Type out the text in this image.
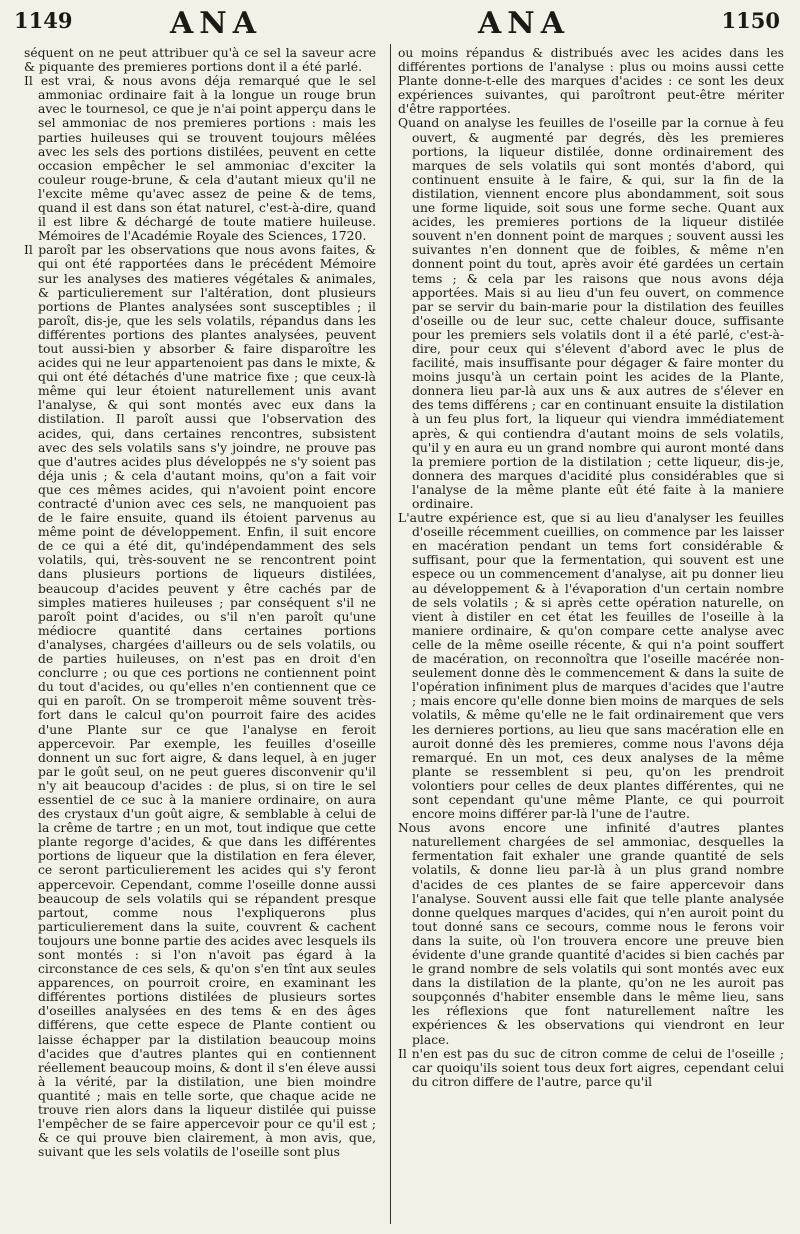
1149	ANA	ANA	1150

séquent on ne peut attribuer qu'à ce sel la saveur acre & piquante des premieres portions dont il a été parlé.

Il est vrai, & nous avons déja remarqué que le sel ammoniac ordinaire fait à la longue un rouge brun avec le tournesol, ce que je n'ai point apperçu dans le sel ammoniac de nos premieres portions : mais les parties huileuses qui se trouvent toujours mêlées avec les sels des portions distilées, peuvent en cette occasion empêcher le sel ammoniac d'exciter la couleur rouge-brune, & cela d'autant mieux qu'il ne l'excite même qu'avec assez de peine & de tems, quand il est dans son état naturel, c'est-à-dire, quand il est libre & déchargé de toute matiere huileuse. Mémoires de l'Académie Royale des Sciences, 1720.

Il paroît par les observations que nous avons faites, & qui ont été rapportées dans le précédent Mémoire sur les analyses des matieres végétales & animales, & particulierement sur l'altération, dont plusieurs portions de Plantes analysées sont susceptibles ; il paroît, dis-je, que les sels volatils, répandus dans les différentes portions des plantes analysées, peuvent tout aussi-bien y absorber & faire disparoître les acides qui ne leur appartenoient pas dans le mixte, & qui ont été détachés d'une matrice fixe ; que ceux-là même qui leur étoient naturellement unis avant l'analyse, & qui sont montés avec eux dans la distilation. Il paroît aussi que l'observation des acides, qui, dans certaines rencontres, subsistent avec des sels volatils sans s'y joindre, ne prouve pas que d'autres acides plus développés ne s'y soient pas déja unis ; & cela d'autant moins, qu'on a fait voir que ces mêmes acides, qui n'avoient point encore contracté d'union avec ces sels, ne manquoient pas de le faire ensuite, quand ils étoient parvenus au même point de développement. Enfin, il suit encore de ce qui a été dit, qu'indépendamment des sels volatils, qui, très-souvent ne se rencontrent point dans plusieurs portions de liqueurs distilées, beaucoup d'acides peuvent y être cachés par de simples matieres huileuses ; par conséquent s'il ne paroît point d'acides, ou s'il n'en paroît qu'une médiocre quantité dans certaines portions d'analyses, chargées d'ailleurs ou de sels volatils, ou de parties huileuses, on n'est pas en droit d'en conclurre ; ou que ces portions ne contiennent point du tout d'acides, ou qu'elles n'en contiennent que ce qui en paroît. On se tromperoit même souvent très-fort dans le calcul qu'on pourroit faire des acides d'une Plante sur ce que l'analyse en feroit appercevoir. Par exemple, les feuilles d'oseille donnent un suc fort aigre, & dans lequel, à en juger par le goût seul, on ne peut gueres disconvenir qu'il n'y ait beaucoup d'acides : de plus, si on tire le sel essentiel de ce suc à la maniere ordinaire, on aura des crystaux d'un goût aigre, & semblable à celui de la crême de tartre ; en un mot, tout indique que cette plante regorge d'acides, & que dans les différentes portions de liqueur que la distilation en fera élever, ce seront particulierement les acides qui s'y feront appercevoir. Cependant, comme l'oseille donne aussi beaucoup de sels volatils qui se répandent presque partout, comme nous l'expliquerons plus particulierement dans la suite, couvrent & cachent toujours une bonne partie des acides avec lesquels ils sont montés : si l'on n'avoit pas égard à la circonstance de ces sels, & qu'on s'en tînt aux seules apparences, on pourroit croire, en examinant les différentes portions distilées de plusieurs sortes d'oseilles analysées en des tems & en des âges différens, que cette espece de Plante contient ou laisse échapper par la distilation beaucoup moins d'acides que d'autres plantes qui en contiennent réellement beaucoup moins, & dont il s'en éleve aussi à la vérité, par la distilation, une bien moindre quantité ; mais en telle sorte, que chaque acide ne trouve rien alors dans la liqueur distilée qui puisse l'empêcher de se faire appercevoir pour ce qu'il est ; & ce qui prouve bien clairement, à mon avis, que, suivant que les sels volatils de l'oseille sont plus

ou moins répandus & distribués avec les acides dans les différentes portions de l'analyse : plus ou moins aussi cette Plante donne-t-elle des marques d'acides : ce sont les deux expériences suivantes, qui paroîtront peut-être mériter d'être rapportées.

Quand on analyse les feuilles de l'oseille par la cornue à feu ouvert, & augmenté par degrés, dès les premieres portions, la liqueur distilée, donne ordinairement des marques de sels volatils qui sont montés d'abord, qui continuent ensuite à le faire, & qui, sur la fin de la distilation, viennent encore plus abondamment, soit sous une forme liquide, soit sous une forme seche. Quant aux acides, les premieres portions de la liqueur distilée souvent n'en donnent point de marques ; souvent aussi les suivantes n'en donnent que de foibles, & même n'en donnent point du tout, après avoir été gardées un certain tems ; & cela par les raisons que nous avons déja apportées. Mais si au lieu d'un feu ouvert, on commence par se servir du bain-marie pour la distilation des feuilles d'oseille ou de leur suc, cette chaleur douce, suffisante pour les premiers sels volatils dont il a été parlé, c'est-à-dire, pour ceux qui s'élevent d'abord avec le plus de facilité, mais insuffisante pour dégager & faire monter du moins jusqu'à un certain point les acides de la Plante, donnera lieu par-là aux uns & aux autres de s'élever en des tems différens ; car en continuant ensuite la distilation à un feu plus fort, la liqueur qui viendra immédiatement après, & qui contiendra d'autant moins de sels volatils, qu'il y en aura eu un grand nombre qui auront monté dans la premiere portion de la distilation ; cette liqueur, dis-je, donnera des marques d'acidité plus considérables que si l'analyse de la même plante eût été faite à la maniere ordinaire.

L'autre expérience est, que si au lieu d'analyser les feuilles d'oseille récemment cueillies, on commence par les laisser en macération pendant un tems fort considérable & suffisant, pour que la fermentation, qui souvent est une espece ou un commencement d'analyse, ait pu donner lieu au développement & à l'évaporation d'un certain nombre de sels volatils ; & si après cette opération naturelle, on vient à distiler en cet état les feuilles de l'oseille à la maniere ordinaire, & qu'on compare cette analyse avec celle de la même oseille récente, & qui n'a point souffert de macération, on reconnoîtra que l'oseille macérée non-seulement donne dès le commencement & dans la suite de l'opération infiniment plus de marques d'acides que l'autre ; mais encore qu'elle donne bien moins de marques de sels volatils, & même qu'elle ne le fait ordinairement que vers les dernieres portions, au lieu que sans macération elle en auroit donné dès les premieres, comme nous l'avons déja remarqué. En un mot, ces deux analyses de la même plante se ressemblent si peu, qu'on les prendroit volontiers pour celles de deux plantes différentes, qui ne sont cependant qu'une même Plante, ce qui pourroit encore moins différer par-là l'une de l'autre.

Nous avons encore une infinité d'autres plantes naturellement chargées de sel ammoniac, desquelles la fermentation fait exhaler une grande quantité de sels volatils, & donne lieu par-là à un plus grand nombre d'acides de ces plantes de se faire appercevoir dans l'analyse. Souvent aussi elle fait que telle plante analysée donne quelques marques d'acides, qui n'en auroit point du tout donné sans ce secours, comme nous le ferons voir dans la suite, où l'on trouvera encore une preuve bien évidente d'une grande quantité d'acides si bien cachés par le grand nombre de sels volatils qui sont montés avec eux dans la distilation de la plante, qu'on ne les auroit pas soupçonnés d'habiter ensemble dans le même lieu, sans les réflexions que font naturellement naître les expériences & les observations qui viendront en leur place.

Il n'en est pas du suc de citron comme de celui de l'oseille ; car quoiqu'ils soient tous deux fort aigres, cependant celui du citron differe de l'autre, parce qu'il
